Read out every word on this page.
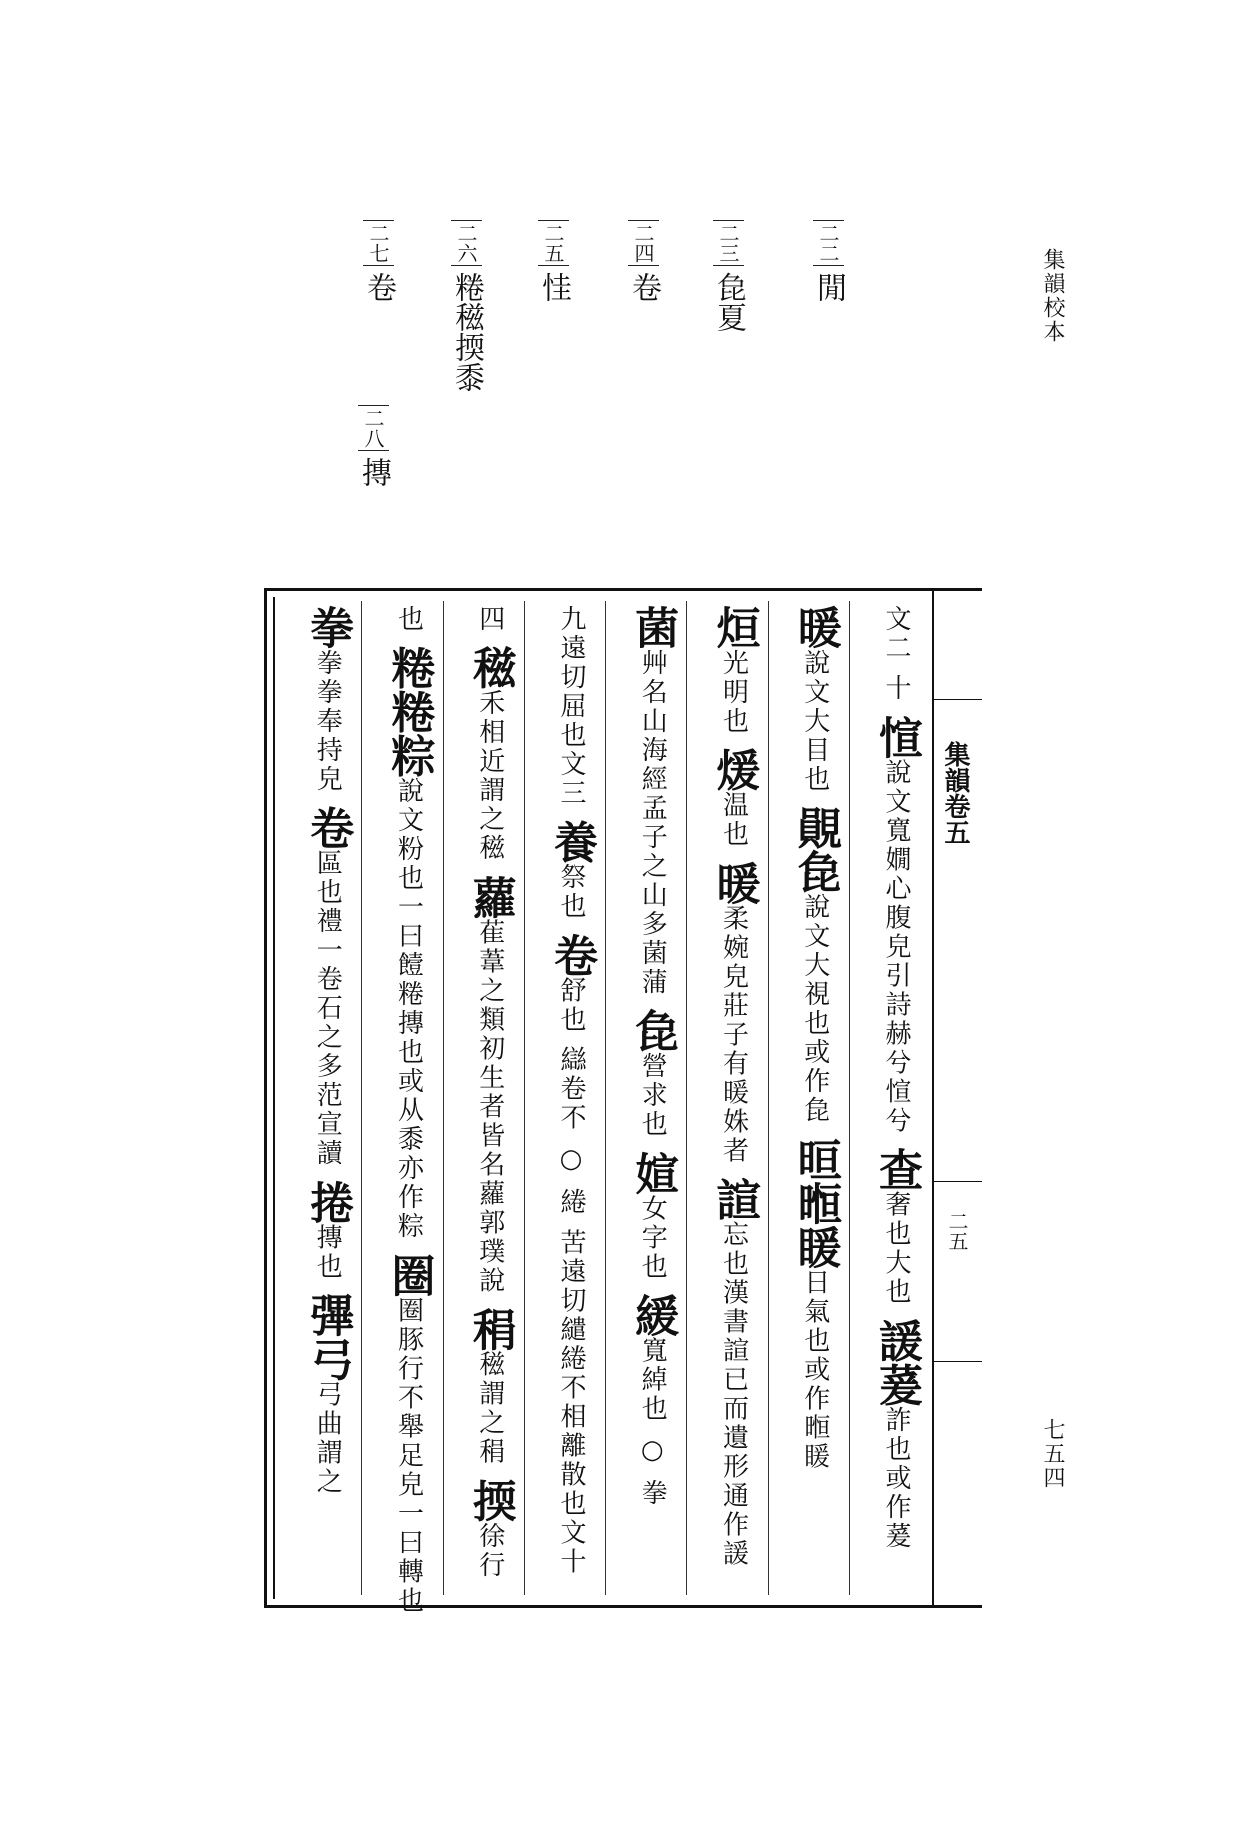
集韻校本
七五四
二二閒
二三㲋夏
二四卷
二五㤬
二六䊎稵㨎黍
二七卷
二八摶
集韻卷五
二五
文二 十 愃說文寬嫺心腹皃引詩赫兮愃兮 查奢也大也 諼萲詐也或作萲
暖說文大目也 䚋㲋說文大視也或作㲋 晅暅䁔日氣也或作暅䁔
烜光明也 煖温也 暖柔婉皃莊子有暖姝者 諠忘也漢書諠已而遺形通作諼
菌艸名山海經孟子之山多菌蒲 㲋營求也 媗女字也 緩寬綽也 ○ 拳
九遠切屈也文三 養祭也 卷舒也 䜌卷不 ○ 綣 苦遠切繾綣不相離散也文十
四 稵禾相近謂之稵 蘿萑葦之類初生者皆名蘿郭璞說 䅌稵謂之䅌 㨎徐行
也 䊎䊎粽說文粉也一曰饐䊎摶也或从黍亦作粽 圈圈豚行不舉足皃一曰轉也
拳拳拳奉持皃 卷區也禮一卷石之多范宣讀 捲摶也 彃弓弓曲謂之
